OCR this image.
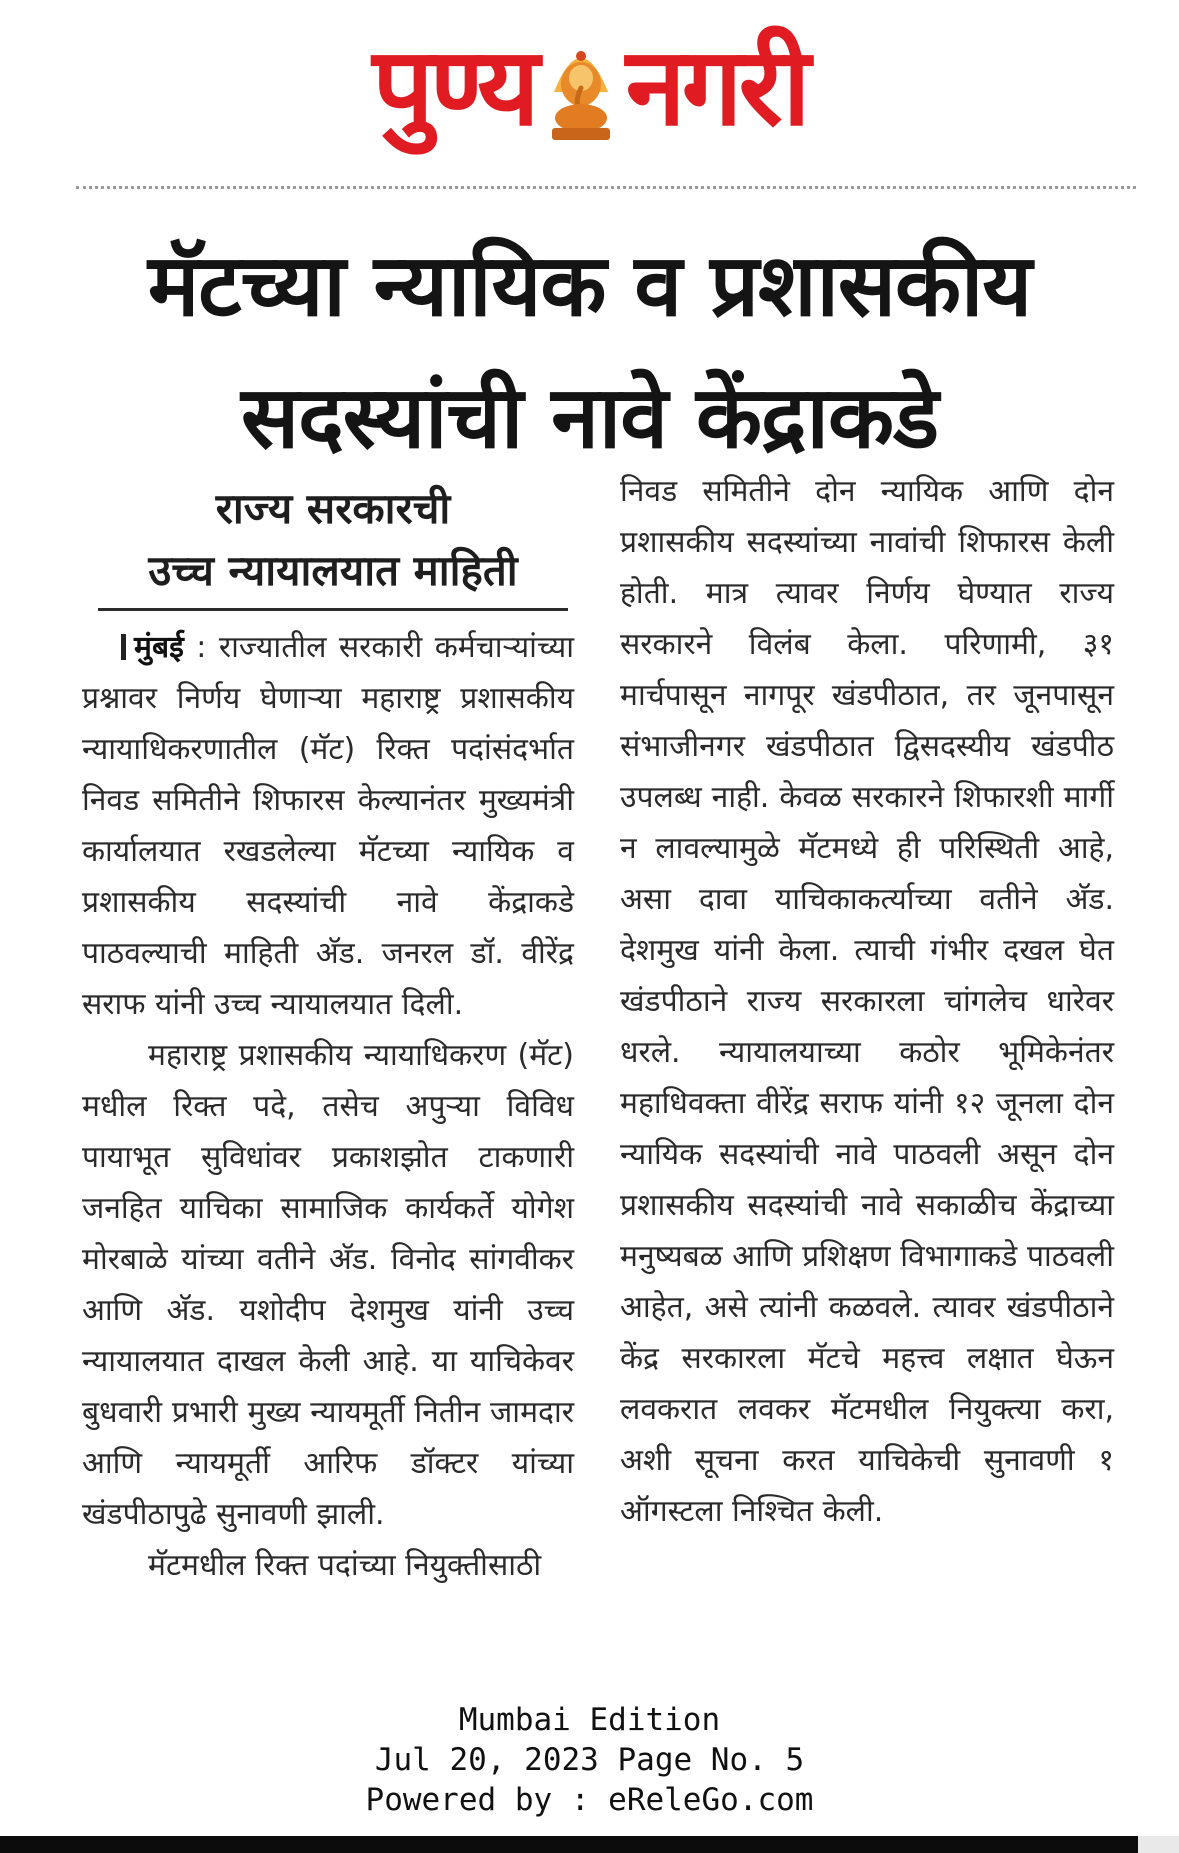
पुण्य नगरी
मॅटच्या न्यायिक व प्रशासकीय
सदस्यांची नावे केंद्राकडे
राज्य सरकारची
उच्च न्यायालयात माहिती

मुंबई : राज्यातील सरकारी कर्मचाऱ्यांच्या प्रश्नावर निर्णय घेणाऱ्या महाराष्ट्र प्रशासकीय न्यायाधिकरणातील (मॅट) रिक्त पदांसंदर्भात निवड समितीने शिफारस केल्यानंतर मुख्यमंत्री कार्यालयात रखडलेल्या मॅटच्या न्यायिक व प्रशासकीय सदस्यांची नावे केंद्राकडे पाठवल्याची माहिती अ‍ॅड. जनरल डॉ. वीरेंद्र सराफ यांनी उच्च न्यायालयात दिली.

महाराष्ट्र प्रशासकीय न्यायाधिकरण (मॅट) मधील रिक्त पदे, तसेच अपुऱ्या विविध पायाभूत सुविधांवर प्रकाशझोत टाकणारी जनहित याचिका सामाजिक कार्यकर्ते योगेश मोरबाळे यांच्या वतीने अ‍ॅड. विनोद सांगवीकर आणि अ‍ॅड. यशोदीप देशमुख यांनी उच्च न्यायालयात दाखल केली आहे. या याचिकेवर बुधवारी प्रभारी मुख्य न्यायमूर्ती नितीन जामदार आणि न्यायमूर्ती आरिफ डॉक्टर यांच्या खंडपीठापुढे सुनावणी झाली.

मॅटमधील रिक्त पदांच्या नियुक्तीसाठी

निवड समितीने दोन न्यायिक आणि दोन प्रशासकीय सदस्यांच्या नावांची शिफारस केली होती. मात्र त्यावर निर्णय घेण्यात राज्य सरकारने विलंब केला. परिणामी, ३१ मार्चपासून नागपूर खंडपीठात, तर जूनपासून संभाजीनगर खंडपीठात द्विसदस्यीय खंडपीठ उपलब्ध नाही. केवळ सरकारने शिफारशी मार्गी न लावल्यामुळे मॅटमध्ये ही परिस्थिती आहे, असा दावा याचिकाकर्त्याच्या वतीने अ‍ॅड. देशमुख यांनी केला. त्याची गंभीर दखल घेत खंडपीठाने राज्य सरकारला चांगलेच धारेवर धरले. न्यायालयाच्या कठोर भूमिकेनंतर महाधिवक्ता वीरेंद्र सराफ यांनी १२ जूनला दोन न्यायिक सदस्यांची नावे पाठवली असून दोन प्रशासकीय सदस्यांची नावे सकाळीच केंद्राच्या मनुष्यबळ आणि प्रशिक्षण विभागाकडे पाठवली आहेत, असे त्यांनी कळवले. त्यावर खंडपीठाने केंद्र सरकारला मॅटचे महत्त्व लक्षात घेऊन लवकरात लवकर मॅटमधील नियुक्त्या करा, अशी सूचना करत याचिकेची सुनावणी १ ऑगस्टला निश्चित केली.

Mumbai Edition
Jul 20, 2023 Page No. 5
Powered by : eReleGo.com
